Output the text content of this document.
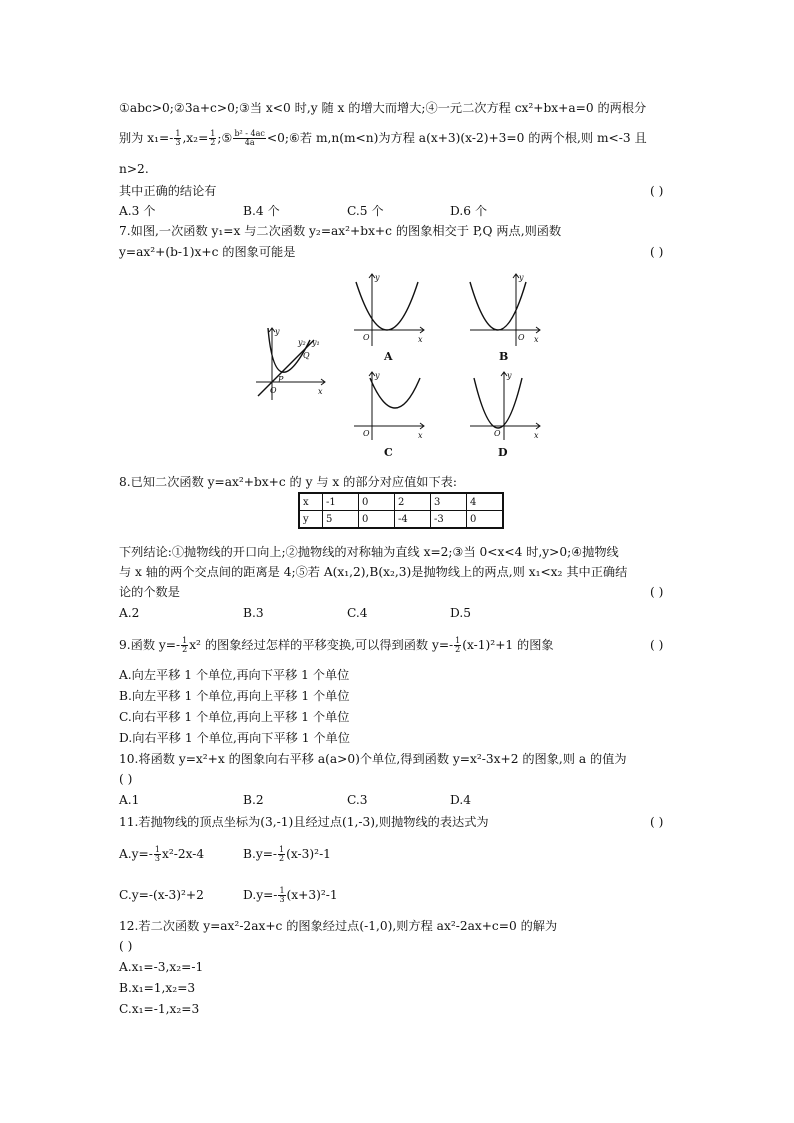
①abc>0;②3a+c>0;③当 x<0 时,y 随 x 的增大而增大;④一元二次方程 cx²+bx+a=0 的两根分
别为 $x_1=- \frac{1}{3} ,x_2= \frac{1}{2}$ ;⑤ $\frac{\text{b² - 4ac}}{4a}$ <0;⑥若 m,n(m<n)为方程 a(x+3)(x-2)+3=0 的两个根,则 m<-3 且
n>2.
其中正确的结论有	( )
A.3 个	B.4 个	C.5 个	D.6 个
7.如图,一次函数 y₁=x 与二次函数 y₂=ax²+bx+c 的图象相交于 P,Q 两点,则函数
y=ax²+(b-1)x+c 的图象可能是	( )
y
x
O
P
Q
y₂ y₁
y
x
O
A
y
x
O
B
y
x
O
C
y
x
O
D
8.已知二次函数 y=ax²+bx+c 的 y 与 x 的部分对应值如下表:
x	-1	0	2	3	4
y	5	0	-4	-3	0
下列结论:①抛物线的开口向上;②抛物线的对称轴为直线 x=2;③当 0<x<4 时,y>0;④抛物线
与 x 轴的两个交点间的距离是 4;⑤若 A(x₁,2),B(x₂,3)是抛物线上的两点,则 x₁<x₂ 其中正确结
论的个数是	( )
A.2	B.3	C.4	D.5
9.函数 $y=- \frac{1}{2} x^2$ 的图象经过怎样的平移变换,可以得到函数 $y=- \frac{1}{2} (x-1)^2+1$ 的图象	( )
A.向左平移 1 个单位,再向下平移 1 个单位
B.向左平移 1 个单位,再向上平移 1 个单位
C.向右平移 1 个单位,再向上平移 1 个单位
D.向右平移 1 个单位,再向下平移 1 个单位
10.将函数 y=x²+x 的图象向右平移 a(a>0)个单位,得到函数 y=x²-3x+2 的图象,则 a 的值为
( )
A.1	B.2	C.3	D.4
11.若抛物线的顶点坐标为(3,-1)且经过点(1,-3),则抛物线的表达式为	( )
$A.y=- \frac{1}{3} x^2-2x-4$	$B.y=- \frac{1}{2} (x-3)^2-1$
C.y=-(x-3)²+2	$D.y=- \frac{1}{3} (x+3)^2-1$
12.若二次函数 y=ax²-2ax+c 的图象经过点(-1,0),则方程 ax²-2ax+c=0 的解为
( )
A.x₁=-3,x₂=-1
B.x₁=1,x₂=3
C.x₁=-1,x₂=3
